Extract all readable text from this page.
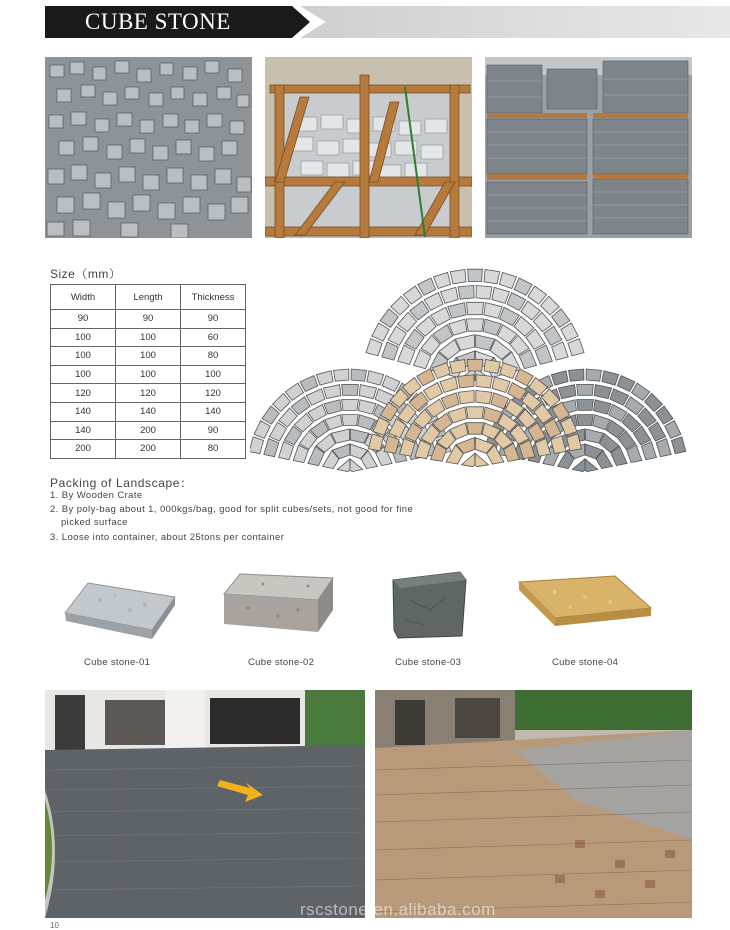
CUBE STONE
Size（mm）
Width	Length	Thickness
90	90	90
100	100	60
100	100	80
100	100	100
120	120	120
140	140	140
140	200	90
200	200	80
Packing of Landscape：
1. By Wooden Crate
2. By poly-bag about 1, 000kgs/bag, good for split cubes/sets, not good for fine
picked surface
3. Loose into container, about 25tons per container
Cube stone-01	Cube stone-02	Cube stone-03	Cube stone-04
rscstone.en.alibaba.com
10
